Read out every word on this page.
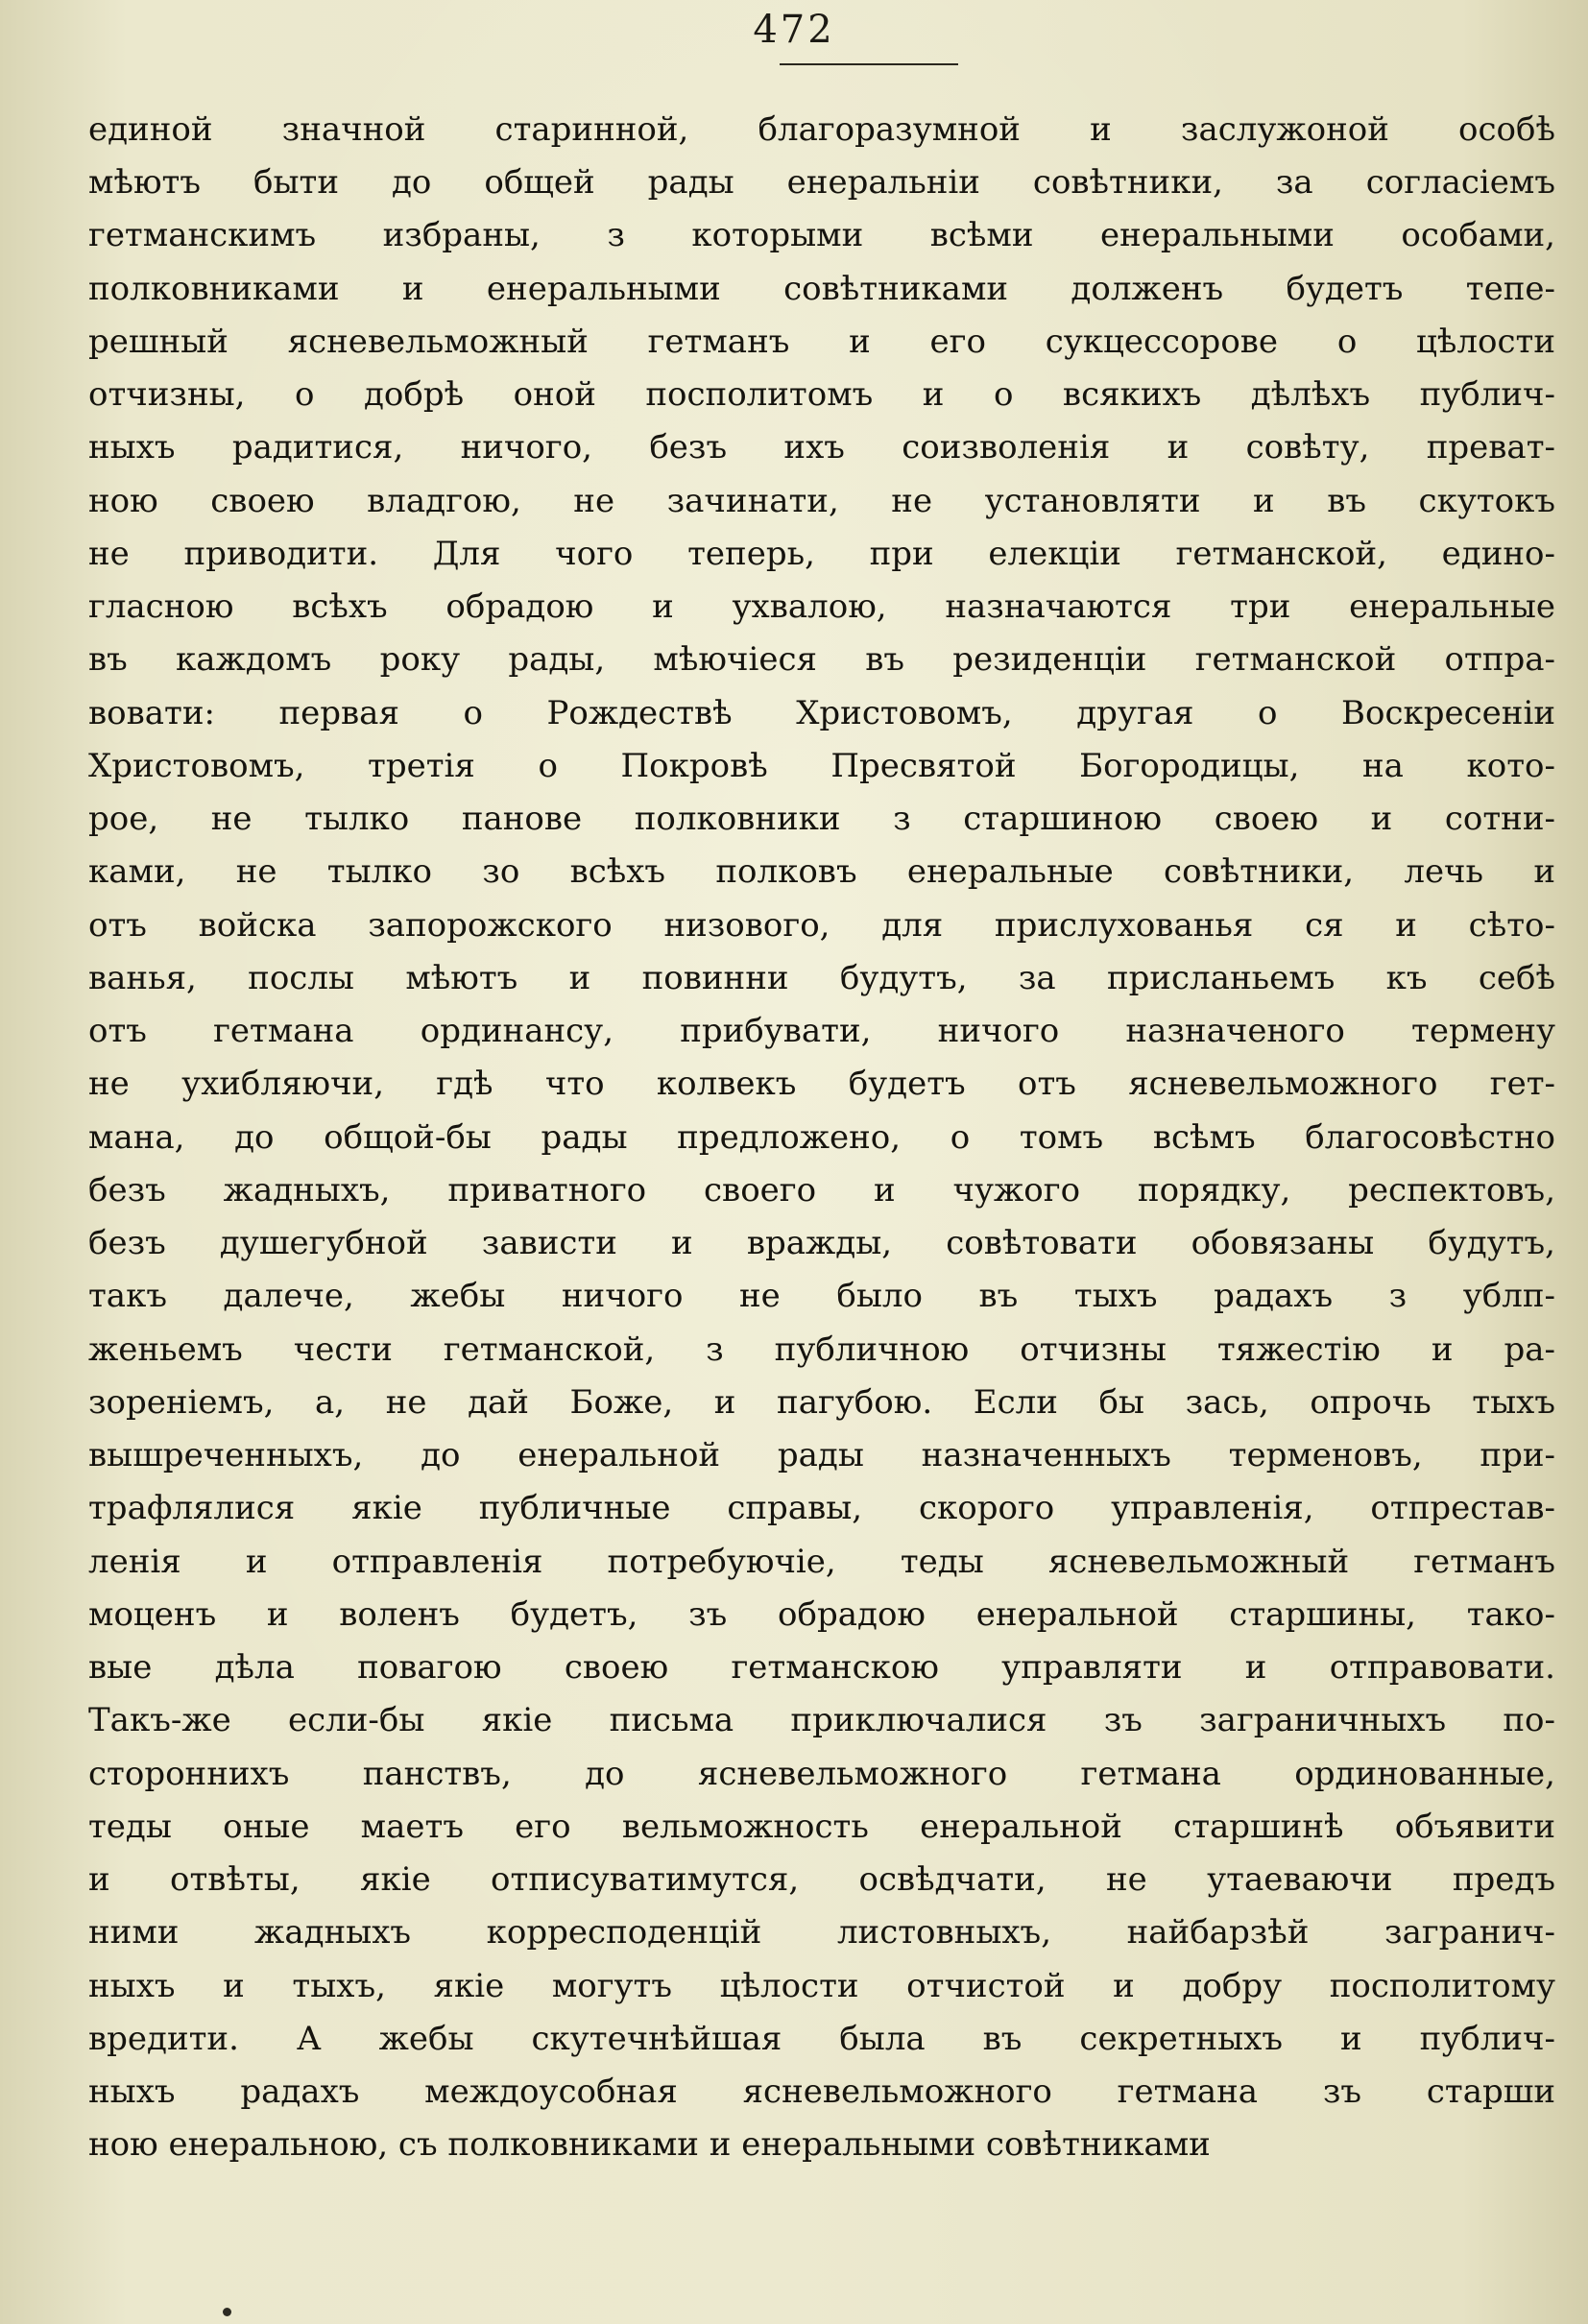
472
единой значной старинной, благоразумной и заслужоной особѣ
мѣютъ быти до общей рады енеральніи совѣтники, за согласіемъ
гетманскимъ избраны, з которыми всѣми енеральными особами,
полковниками и енеральными совѣтниками долженъ будетъ тепе-
решный ясневельможный гетманъ и его сукцессорове о цѣлости
отчизны, о добрѣ оной посполитомъ и о всякихъ дѣлѣхъ публич-
ныхъ радитися, ничого, безъ ихъ соизволенія и совѣту, преват-
ною своею владгою, не зачинати, не установляти и въ скутокъ
не приводити. Для чого теперь, при елекціи гетманской, едино-
гласною всѣхъ обрадою и ухвалою, назначаются три енеральные
въ каждомъ року рады, мѣючіеся въ резиденціи гетманской отпра-
вовати: первая о Рождествѣ Христовомъ, другая о Воскресеніи
Христовомъ, третія о Покровѣ Пресвятой Богородицы, на кото-
рое, не тылко панове полковники з старшиною своею и сотни-
ками, не тылко зо всѣхъ полковъ енеральные совѣтники, лечь и
отъ войска запорожского низового, для прислухованья ся и сѣто-
ванья, послы мѣютъ и повинни будутъ, за присланьемъ къ себѣ
отъ гетмана ординансу, прибувати, ничого назначеного термену
не ухибляючи, гдѣ что колвекъ будетъ отъ ясневельможного гет-
мана, до общой-бы рады предложено, о томъ всѣмъ благосовѣстно
безъ жадныхъ, приватного своего и чужого порядку, респектовъ,
безъ душегубной зависти и вражды, совѣтовати обовязаны будутъ,
такъ далече, жебы ничого не было въ тыхъ радахъ з ублп-
женьемъ чести гетманской, з публичною отчизны тяжестію и ра-
зореніемъ, а, не дай Боже, и пагубою. Если бы зась, опрочь тыхъ
вышреченныхъ, до енеральной рады назначенныхъ терменовъ, при-
трафлялися якіе публичные справы, скорого управленія, отпрестав-
ленія и отправленія потребуючіе, теды ясневельможный гетманъ
моценъ и воленъ будетъ, зъ обрадою енеральной старшины, тако-
вые дѣла повагою своею гетманскою управляти и отправовати.
Такъ-же если-бы якіе письма приключалися зъ заграничныхъ по-
стороннихъ панствъ, до ясневельможного гетмана ординованные,
теды оные маетъ его вельможность енеральной старшинѣ объявити
и отвѣты, якіе отписуватимутся, освѣдчати, не утаеваючи предъ
ними жадныхъ корресподенцій листовныхъ, найбарзѣй загранич-
ныхъ и тыхъ, якіе могутъ цѣлости отчистой и добру посполитому
вредити. А жебы скутечнѣйшая была въ секретныхъ и публич-
ныхъ радахъ междоусобная ясневельможного гетмана зъ старши
ною енеральною, съ полковниками и енеральными совѣтниками
